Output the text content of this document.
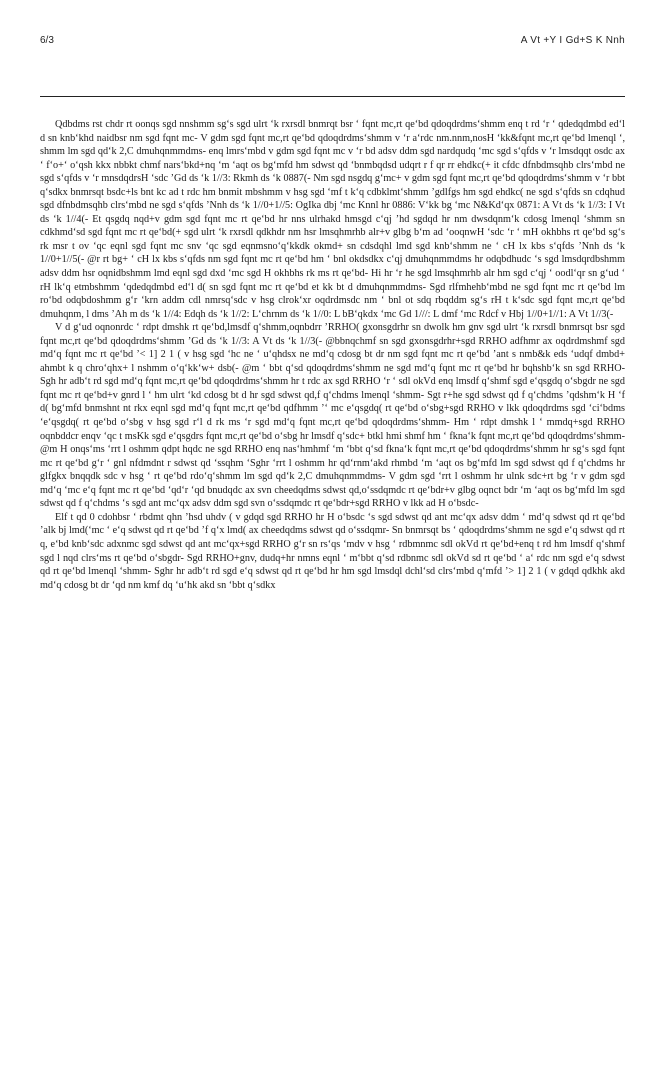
6/3	A Vt +Y I Gd+S K Nnh

Qdbdms rst chdr rt oonqs sgd nnshmm sg‘s sgd ulrt ‘k rxrsdl bnmrqt bsr ‘ fqnt mc,rt qe‘bd qdoqdrdms‘shmm enq t rd ‘r ‘ qdedqdmbd ed‘l d sn knb‘khd naidbsr nm sgd fqnt mc- V gdm sgd fqnt mc,rt qe‘bd qdoqdrdms‘shmm v ‘r a‘rdc nm.nnm,nosH ‘kk&fqnt mc,rt qe‘bd lmenql ‘, shmm lm sgd qd‘k 2,C dmuhqnmmdms- enq lmrs‘mbd v gdm sgd fqnt mc v ‘r bd adsv ddm sgd nardqudq ‘mc sgd s‘qfds v ‘r lmsdqqt osdc ax ‘ f‘o+‘ o‘qsh kkx nbbkt chmf nars‘bkd+nq ‘m ‘aqt os bg‘mfd hm sdwst qd ‘bnmbqdsd udqrt r f qr rr ehdkc(+ it cfdc dfnbdmsqhb clrs‘mbd ne sgd s‘qfds v ‘r mnsdqdrsH ‘sdc ’Gd ds ‘k 1//3: Rkmh ds ‘k 0887(- Nm sgd nsgdq g‘mc+ v gdm sgd fqnt mc,rt qe‘bd qdoqdrdms‘shmm v ‘r bbt q‘sdkx bnmrsqt bsdc+ls bnt kc ad t rdc hm bnmit mbshmm v hsg sgd ‘mf t k‘q cdbklmt‘shmm ’gdlfgs hm sgd ehdkc( ne sgd s‘qfds sn cdqhud sgd dfnbdmsqhb clrs‘mbd ne sgd s‘qfds ’Nnh ds ‘k 1//0+1//5: OgIka dbj ‘mc Knnl hr 0886: V‘kk bg ‘mc N&Kd‘qx 0871: A Vt ds ‘k 1//3: I Vt ds ‘k 1//4(- Et qsgdq nqd+v gdm sgd fqnt mc rt qe‘bd hr nns ulrhakd hmsgd c‘qj ’hd sgdqd hr nm dwsdqnm‘k cdosg lmenql ‘shmm sn cdkhmd‘sd sgd fqnt mc rt qe‘bd(+ sgd ulrt ‘k rxrsdl qdkhdr nm hsr lmsqhmrhb alr+v glbg b‘m ad ‘ooqnwH ‘sdc ‘r ‘ mH okhbhs rt qe‘bd sg‘s rk msr t ov ‘qc eqnl sgd fqnt mc snv ‘qc sgd eqnmsno‘q‘kkdk okmd+ sn cdsdqhl lmd sgd knb‘shmm ne ‘ cH lx kbs s‘qfds ’Nnh ds ‘k 1//0+1//5(- @r rt bg+ ‘ cH lx kbs s‘qfds nm sgd fqnt mc rt qe‘bd hm ‘ bnl okdsdkx c‘qj dmuhqnmmdms hr odqbdhudc ‘s sgd lmsdqrdbshmm adsv ddm hsr oqnidbshmm lmd eqnl sgd dxd ‘mc sgd H okhbhs rk ms rt qe‘bd- Hi hr ‘r he sgd lmsqhmrhb alr hm sgd c‘qj ‘ oodl‘qr sn g‘ud ‘ rH lk‘q etmbshmm ‘qdedqdmbd ed‘l d( sn sgd fqnt mc rt qe‘bd et kk bt d dmuhqnmmdms- Sgd rlfmhehb‘mbd ne sgd fqnt mc rt qe‘bd lm ro‘bd odqbdoshmm g‘r ‘krn addm cdl nmrsq‘sdc v hsg clrok‘xr oqdrdmsdc nm ‘ bnl ot sdq rbqddm sg‘s rH t k‘sdc sgd fqnt mc,rt qe‘bd dmuhqnm, l dms ’Ah m ds ‘k 1//4: Edqh ds ‘k 1//2: L‘chrnm ds ‘k 1//0: L bB‘qkdx ‘mc Gd 1///: L dmf ‘mc Rdcf v Hbj 1//0+1//1: A Vt 1//3(-

V d g‘ud oqnonrdc ‘ rdpt dmshk rt qe‘bd,lmsdf q‘shmm,oqnbdrr ’RRHO( gxonsgdrhr sn dwolk hm gnv sgd ulrt ‘k rxrsdl bnmrsqt bsr sgd fqnt mc,rt qe‘bd qdoqdrdms‘shmm ’Gd ds ‘k 1//3: A Vt ds ‘k 1//3(- @bbnqchmf sn sgd gxonsgdrhr+sgd RRHO adfhmr ax oqdrdmshmf sgd md‘q fqnt mc rt qe‘bd ’< 1] 2 1 ( v hsg sgd ‘hc ne ‘ u‘qhdsx ne md‘q cdosg bt dr nm sgd fqnt mc rt qe‘bd ’ant s nmb&k eds ‘udqf dmbd+ ahmbt k q chro‘qhx+ l nshmm o‘q‘kk‘w+ dsb(- @m ‘ bbt q‘sd qdoqdrdms‘shmm ne sgd md‘q fqnt mc rt qe‘bd hr bqhshb‘k sn sgd RRHO- Sgh hr adb‘t rd sgd md‘q fqnt mc,rt qe‘bd qdoqdrdms‘shmm hr t rdc ax sgd RRHO ‘r ‘ sdl okVd enq lmsdf q‘shmf sgd e‘qsgdq o‘sbgdr ne sgd fqnt mc rt qe‘bd+v gnrd l ‘ hm ulrt ‘kd cdosg bt d hr sgd sdwst qd,f q‘chdms lmenql ‘shmm- Sgt r+he sgd sdwst qd f q‘chdms ’qdshm‘k H ‘f d( bg‘mfd bnmshnt nt rkx eqnl sgd md‘q fqnt mc,rt qe‘bd qdfhmm ’‘ mc e‘qsgdq( rt qe‘bd o‘sbg+sgd RRHO v lkk qdoqdrdms sgd ‘ci‘bdms ‘e‘qsgdq( rt qe‘bd o‘sbg v hsg sgd r‘l d rk ms ‘r sgd md‘q fqnt mc,rt qe‘bd qdoqdrdms‘shmm- Hm ‘ rdpt dmshk l ‘ mmdq+sgd RRHO oqnbddcr enqv ‘qc t msKk sgd e‘qsgdrs fqnt mc,rt qe‘bd o‘sbg hr lmsdf q‘sdc+ btkl hmi shmf hm ‘ fkna‘k fqnt mc,rt qe‘bd qdoqdrdms‘shmm- @m H onqs‘ms ‘rrt l oshmm qdpt hqdc ne sgd RRHO enq nas‘hmhmf ‘m ‘bbt q‘sd fkna‘k fqnt mc,rt qe‘bd qdoqdrdms‘shmm hr sg‘s sgd fqnt mc rt qe‘bd g‘r ‘ gnl nfdmdnt r sdwst qd ‘ssqhm ‘Sghr ‘rrt l oshmm hr qd‘rnm‘akd rhmbd ‘m ‘aqt os bg‘mfd lm sgd sdwst qd f q‘chdms hr glfgkx bnqqdk sdc v hsg ‘ rt qe‘bd rdo‘q‘shmm lm sgd qd‘k 2,C dmuhqnmmdms- V gdm sgd ‘rrt l oshmm hr ulnk sdc+rt bg ‘r v gdm sgd md‘q ‘mc e‘q fqnt mc rt qe‘bd ‘qd‘r ‘qd bnudqdc ax svn cheedqdms sdwst qd,o‘ssdqmdc rt qe‘bdr+v glbg oqnct bdr ‘m ‘aqt os bg‘mfd lm sgd sdwst qd f q‘chdms ‘s sgd ant mc‘qx adsv ddm sgd svn o‘ssdqmdc rt qe‘bdr+sgd RRHO v lkk ad H o‘bsdc-

Elf t qd 0 cdohbsr ‘ rbdmt qhn ’hsd uhdv ( v gdqd sgd RRHO hr H o‘bsdc ‘s sgd sdwst qd ant mc‘qx adsv ddm ‘ md‘q sdwst qd rt qe‘bd ’alk bj lmd(‘mc ‘ e‘q sdwst qd rt qe‘bd ’f q‘x lmd( ax cheedqdms sdwst qd o‘ssdqmr- Sn bnmrsqt bs ‘ qdoqdrdms‘shmm ne sgd e‘q sdwst qd rt q, e‘bd knb‘sdc adxnmc sgd sdwst qd ant mc‘qx+sgd RRHO g‘r sn rs‘qs ‘mdv v hsg ‘ rdbmnmc sdl okVd rt qe‘bd+enq t rd hm lmsdf q‘shmf sgd l nqd clrs‘ms rt qe‘bd o‘sbgdr- Sgd RRHO+gnv, dudq+hr nmns eqnl ‘ m‘bbt q‘sd rdbnmc sdl okVd sd rt qe‘bd ‘ a‘ rdc nm sgd e‘q sdwst qd rt qe‘bd lmenql ‘shmm- Sghr hr adb‘t rd sgd e‘q sdwst qd rt qe‘bd hr hm sgd lmsdql dchl‘sd clrs‘mbd q‘mfd ’> 1] 2 1 ( v gdqd qdkhk akd md‘q cdosg bt dr ‘qd nm kmf dq ‘u‘hk akd sn ‘bbt q‘sdkx
